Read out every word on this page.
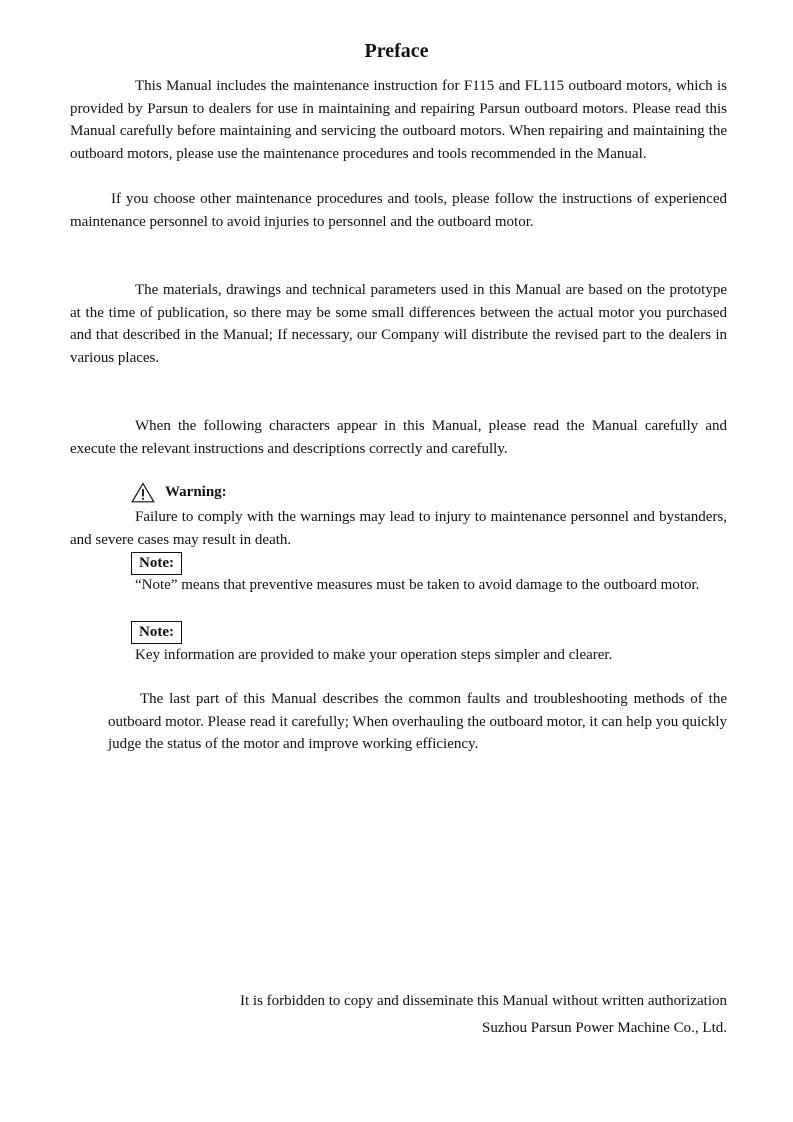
Preface

This Manual includes the maintenance instruction for F115 and FL115 outboard motors, which is provided by Parsun to dealers for use in maintaining and repairing Parsun outboard motors. Please read this Manual carefully before maintaining and servicing the outboard motors. When repairing and maintaining the outboard motors, please use the maintenance procedures and tools recommended in the Manual.

If you choose other maintenance procedures and tools, please follow the instructions of experienced maintenance personnel to avoid injuries to personnel and the outboard motor.

The materials, drawings and technical parameters used in this Manual are based on the prototype at the time of publication, so there may be some small differences between the actual motor you purchased and that described in the Manual; If necessary, our Company will distribute the revised part to the dealers in various places.

When the following characters appear in this Manual, please read the Manual carefully and execute the relevant instructions and descriptions correctly and carefully.

Warning:

Failure to comply with the warnings may lead to injury to maintenance personnel and bystanders, and severe cases may result in death.

Note:

“Note” means that preventive measures must be taken to avoid damage to the outboard motor.

Note:

Key information are provided to make your operation steps simpler and clearer.

The last part of this Manual describes the common faults and troubleshooting methods of the outboard motor. Please read it carefully; When overhauling the outboard motor, it can help you quickly judge the status of the motor and improve working efficiency.

It is forbidden to copy and disseminate this Manual without written authorization

Suzhou Parsun Power Machine Co., Ltd.
